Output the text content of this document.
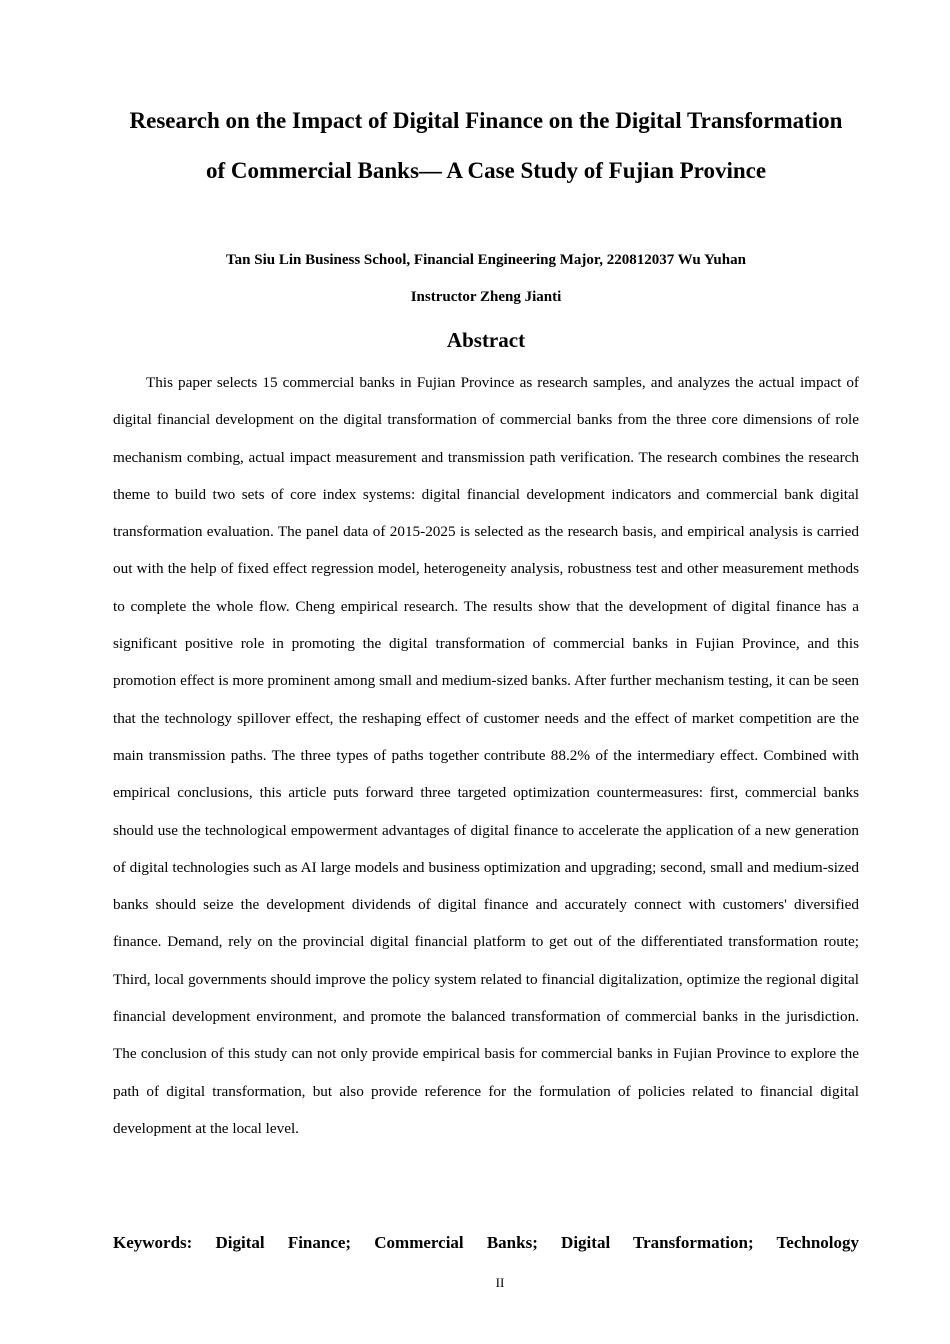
Research on the Impact of Digital Finance on the Digital Transformation
of Commercial Banks— A Case Study of Fujian Province

Tan Siu Lin Business School, Financial Engineering Major, 220812037 Wu Yuhan

Instructor Zheng Jianti

Abstract

This paper selects 15 commercial banks in Fujian Province as research samples, and analyzes the actual impact of digital financial development on the digital transformation of commercial banks from the three core dimensions of role mechanism combing, actual impact measurement and transmission path verification. The research combines the research theme to build two sets of core index systems: digital financial development indicators and commercial bank digital transformation evaluation. The panel data of 2015-2025 is selected as the research basis, and empirical analysis is carried out with the help of fixed effect regression model, heterogeneity analysis, robustness test and other measurement methods to complete the whole flow. Cheng empirical research. The results show that the development of digital finance has a significant positive role in promoting the digital transformation of commercial banks in Fujian Province, and this promotion effect is more prominent among small and medium-sized banks. After further mechanism testing, it can be seen that the technology spillover effect, the reshaping effect of customer needs and the effect of market competition are the main transmission paths. The three types of paths together contribute 88.2% of the intermediary effect. Combined with empirical conclusions, this article puts forward three targeted optimization countermeasures: first, commercial banks should use the technological empowerment advantages of digital finance to accelerate the application of a new generation of digital technologies such as AI large models and business optimization and upgrading; second, small and medium-sized banks should seize the development dividends of digital finance and accurately connect with customers' diversified finance. Demand, rely on the provincial digital financial platform to get out of the differentiated transformation route; Third, local governments should improve the policy system related to financial digitalization, optimize the regional digital financial development environment, and promote the balanced transformation of commercial banks in the jurisdiction. The conclusion of this study can not only provide empirical basis for commercial banks in Fujian Province to explore the path of digital transformation, but also provide reference for the formulation of policies related to financial digital development at the local level.

Keywords: Digital Finance; Commercial Banks; Digital Transformation; Technology

II
